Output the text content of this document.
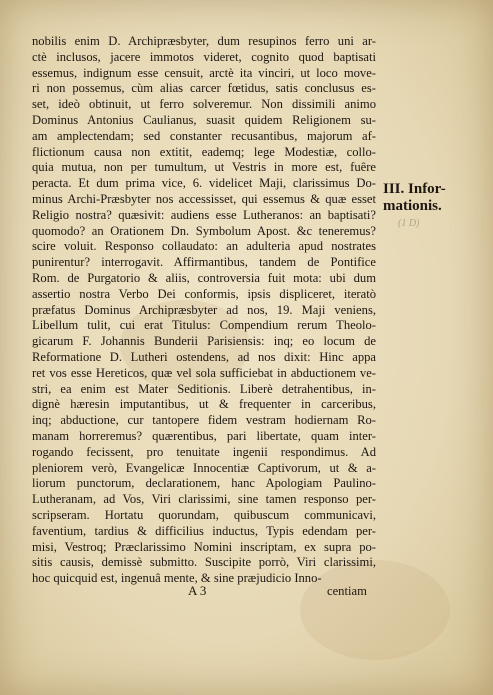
nobilis enim D. Archipræsbyter, dum resupinos ferro uni ar-
ctè inclusos, jacere immotos videret, cognito quod baptisati
essemus, indignum esse censuit, arctè ita vinciri, ut loco move-
ri non possemus, cùm alias carcer fœtidus, satis conclusus es-
set, ideò obtinuit, ut ferro solveremur. Non dissimili animo
Dominus Antonius Caulianus, suasit quidem Religionem su-
am amplectendam; sed constanter recusantibus, majorum af-
flictionum causa non extitit, eademq; lege Modestiæ, collo-
quia mutua, non per tumultum, ut Vestris in more est, fuêre
peracta. Et dum prima vice, 6. videlicet Maji, clarissimus Do-
minus Archi-Præsbyter nos accessisset, qui essemus & quæ esset
Religio nostra? quæsivit: audiens esse Lutheranos: an baptisati?
quomodo? an Orationem Dn. Symbolum Apost. &c teneremus?
scire voluit. Responso collaudato: an adulteria apud nostrates
punirentur? interrogavit. Affirmantibus, tandem de Pontifice
Rom. de Purgatorio & aliis, controversia fuit mota: ubi dum
assertio nostra Verbo Dei conformis, ipsis displiceret, iteratò
præfatus Dominus Archipræsbyter ad nos, 19. Maji veniens,
Libellum tulit, cui erat Titulus: Compendium rerum Theolo-
gicarum F. Johannis Bunderii Parisiensis: inq; eo locum de
Reformatione D. Lutheri ostendens, ad nos dixit: Hinc appa
ret vos esse Hereticos, quæ vel sola sufficiebat in abductionem ve-
stri, ea enim est Mater Seditionis. Liberè detrahentibus, in-
dignè hæresin imputantibus, ut & frequenter in carceribus,
inq; abductione, cur tantopere fidem vestram hodiernam Ro-
manam horreremus? quærentibus, pari libertate, quam inter-
rogando fecissent, pro tenuitate ingenii respondimus. Ad
pleniorem verò, Evangelicæ Innocentiæ Captivorum, ut & a-
liorum punctorum, declarationem, hanc Apologiam Paulino-
Lutheranam, ad Vos, Viri clarissimi, sine tamen responso per-
scripseram. Hortatu quorundam, quibuscum communicavi,
faventium, tardius & difficilius inductus, Typis edendam per-
misi, Vestroq; Præclarissimo Nomini inscriptam, ex supra po-
sitis causis, demissè submitto. Suscipite porrò, Viri clarissimi,
hoc quicquid est, ingenuâ mente, & sine præjudicio Inno-
III. Infor-
mationis.
(1 D)
A 3	centiam
